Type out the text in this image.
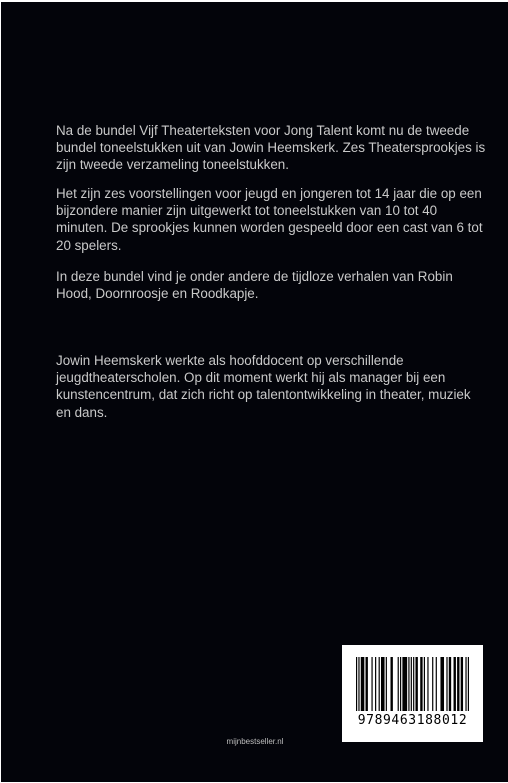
Na de bundel Vijf Theaterteksten voor Jong Talent komt nu de tweede bundel toneelstukken uit van Jowin Heemskerk. Zes Theatersprookjes is zijn tweede verzameling toneelstukken.

Het zijn zes voorstellingen voor jeugd en jongeren tot 14 jaar die op een bijzondere manier zijn uitgewerkt tot toneelstukken van 10 tot 40 minuten. De sprookjes kunnen worden gespeeld door een cast van 6 tot 20 spelers.

In deze bundel vind je onder andere de tijdloze verhalen van Robin Hood, Doornroosje en Roodkapje.

Jowin Heemskerk werkte als hoofddocent op verschillende jeugdtheaterscholen. Op dit moment werkt hij als manager bij een kunstencentrum, dat zich richt op talentontwikkeling in theater, muziek en dans.

9789463188012
mijnbestseller.nl
